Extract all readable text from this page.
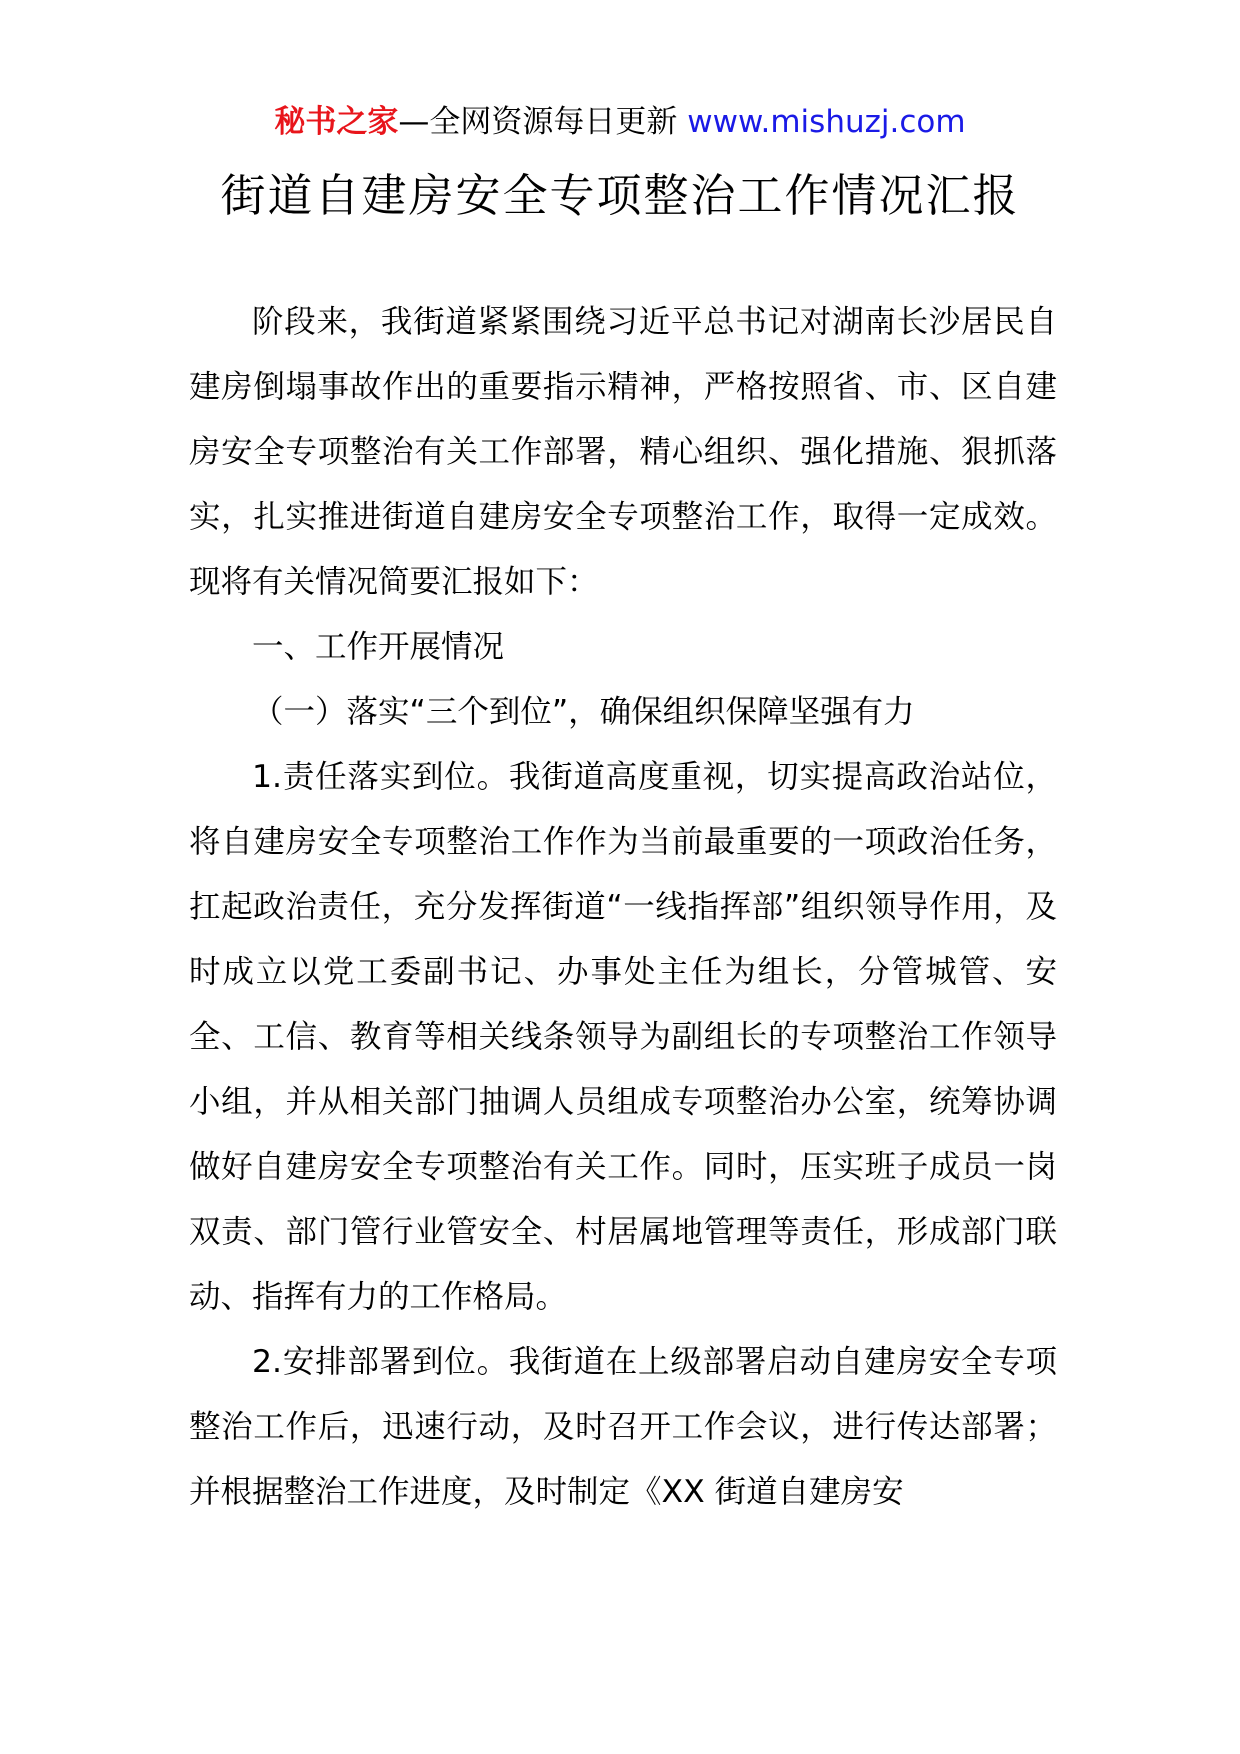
秘书之家—全网资源每日更新 www.mishuzj.com
街道自建房安全专项整治工作情况汇报

阶段来，我街道紧紧围绕习近平总书记对湖南长沙居民自建房倒塌事故作出的重要指示精神，严格按照省、市、区自建房安全专项整治有关工作部署，精心组织、强化措施、狠抓落实，扎实推进街道自建房安全专项整治工作，取得一定成效。现将有关情况简要汇报如下：

一、工作开展情况

（一）落实“三个到位”，确保组织保障坚强有力

1.责任落实到位。我街道高度重视，切实提高政治站位，将自建房安全专项整治工作作为当前最重要的一项政治任务，扛起政治责任，充分发挥街道“一线指挥部”组织领导作用，及时成立以党工委副书记、办事处主任为组长，分管城管、安全、工信、教育等相关线条领导为副组长的专项整治工作领导小组，并从相关部门抽调人员组成专项整治办公室，统筹协调做好自建房安全专项整治有关工作。同时，压实班子成员一岗双责、部门管行业管安全、村居属地管理等责任，形成部门联动、指挥有力的工作格局。

2.安排部署到位。我街道在上级部署启动自建房安全专项整治工作后，迅速行动，及时召开工作会议，进行传达部署；并根据整治工作进度，及时制定《XX 街道自建房安
